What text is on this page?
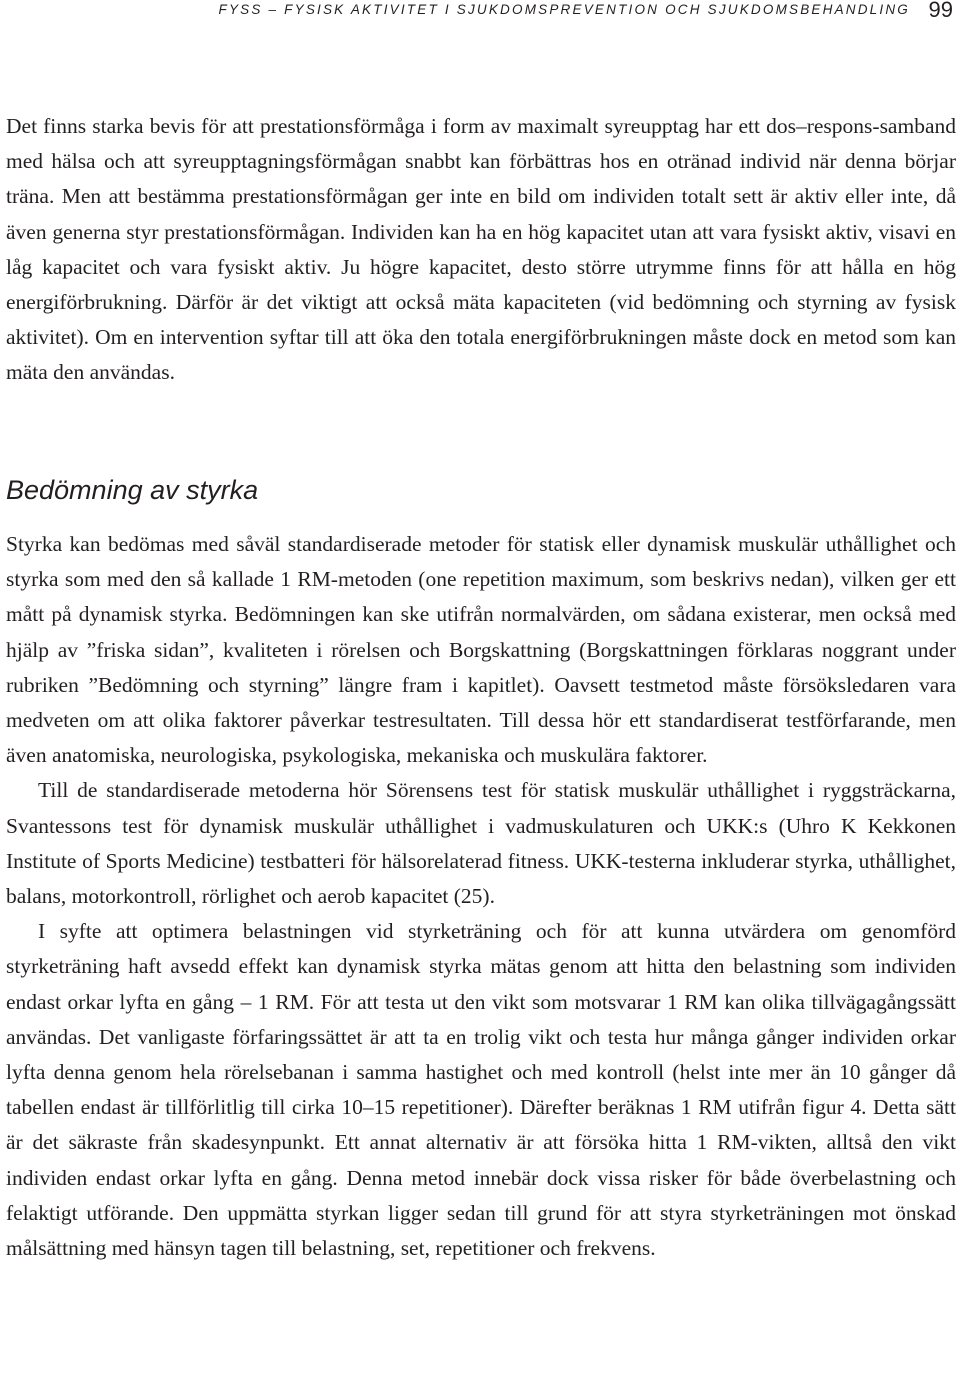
FYSS – FYSISK AKTIVITET I SJUKDOMSPREVENTION OCH SJUKDOMSBEHANDLING 99

Det finns starka bevis för att prestationsförmåga i form av maximalt syreupptag har ett dos–respons-samband med hälsa och att syreupptagningsförmågan snabbt kan förbättras hos en otränad individ när denna börjar träna. Men att bestämma prestationsförmågan ger inte en bild om individen totalt sett är aktiv eller inte, då även generna styr prestationsförmågan. Individen kan ha en hög kapacitet utan att vara fysiskt aktiv, visavi en låg kapacitet och vara fysiskt aktiv. Ju högre kapacitet, desto större utrymme finns för att hålla en hög energiförbrukning. Därför är det viktigt att också mäta kapaciteten (vid bedömning och styrning av fysisk aktivitet). Om en intervention syftar till att öka den totala energiförbrukningen måste dock en metod som kan mäta den användas.

Bedömning av styrka

Styrka kan bedömas med såväl standardiserade metoder för statisk eller dynamisk muskulär uthållighet och styrka som med den så kallade 1 RM-metoden (one repetition maximum, som beskrivs nedan), vilken ger ett mått på dynamisk styrka. Bedömningen kan ske utifrån normalvärden, om sådana existerar, men också med hjälp av ”friska sidan”, kvaliteten i rörelsen och Borgskattning (Borgskattningen förklaras noggrant under rubriken ”Bedömning och styrning” längre fram i kapitlet). Oavsett testmetod måste försöksledaren vara medveten om att olika faktorer påverkar testresultaten. Till dessa hör ett standardiserat testförfarande, men även anatomiska, neurologiska, psykologiska, mekaniska och muskulära faktorer.

Till de standardiserade metoderna hör Sörensens test för statisk muskulär uthållighet i ryggsträckarna, Svantessons test för dynamisk muskulär uthållighet i vadmuskulaturen och UKK:s (Uhro K Kekkonen Institute of Sports Medicine) testbatteri för hälsorelaterad fitness. UKK-testerna inkluderar styrka, uthållighet, balans, motorkontroll, rörlighet och aerob kapacitet (25).

I syfte att optimera belastningen vid styrketräning och för att kunna utvärdera om genomförd styrketräning haft avsedd effekt kan dynamisk styrka mätas genom att hitta den belastning som individen endast orkar lyfta en gång – 1 RM. För att testa ut den vikt som motsvarar 1 RM kan olika tillvägagångssätt användas. Det vanligaste förfaringssättet är att ta en trolig vikt och testa hur många gånger individen orkar lyfta denna genom hela rörelsebanan i samma hastighet och med kontroll (helst inte mer än 10 gånger då tabellen endast är tillförlitlig till cirka 10–15 repetitioner). Därefter beräknas 1 RM utifrån figur 4. Detta sätt är det säkraste från skadesynpunkt. Ett annat alternativ är att försöka hitta 1 RM-vikten, alltså den vikt individen endast orkar lyfta en gång. Denna metod innebär dock vissa risker för både överbelastning och felaktigt utförande. Den uppmätta styrkan ligger sedan till grund för att styra styrketräningen mot önskad målsättning med hänsyn tagen till belastning, set, repetitioner och frekvens.
